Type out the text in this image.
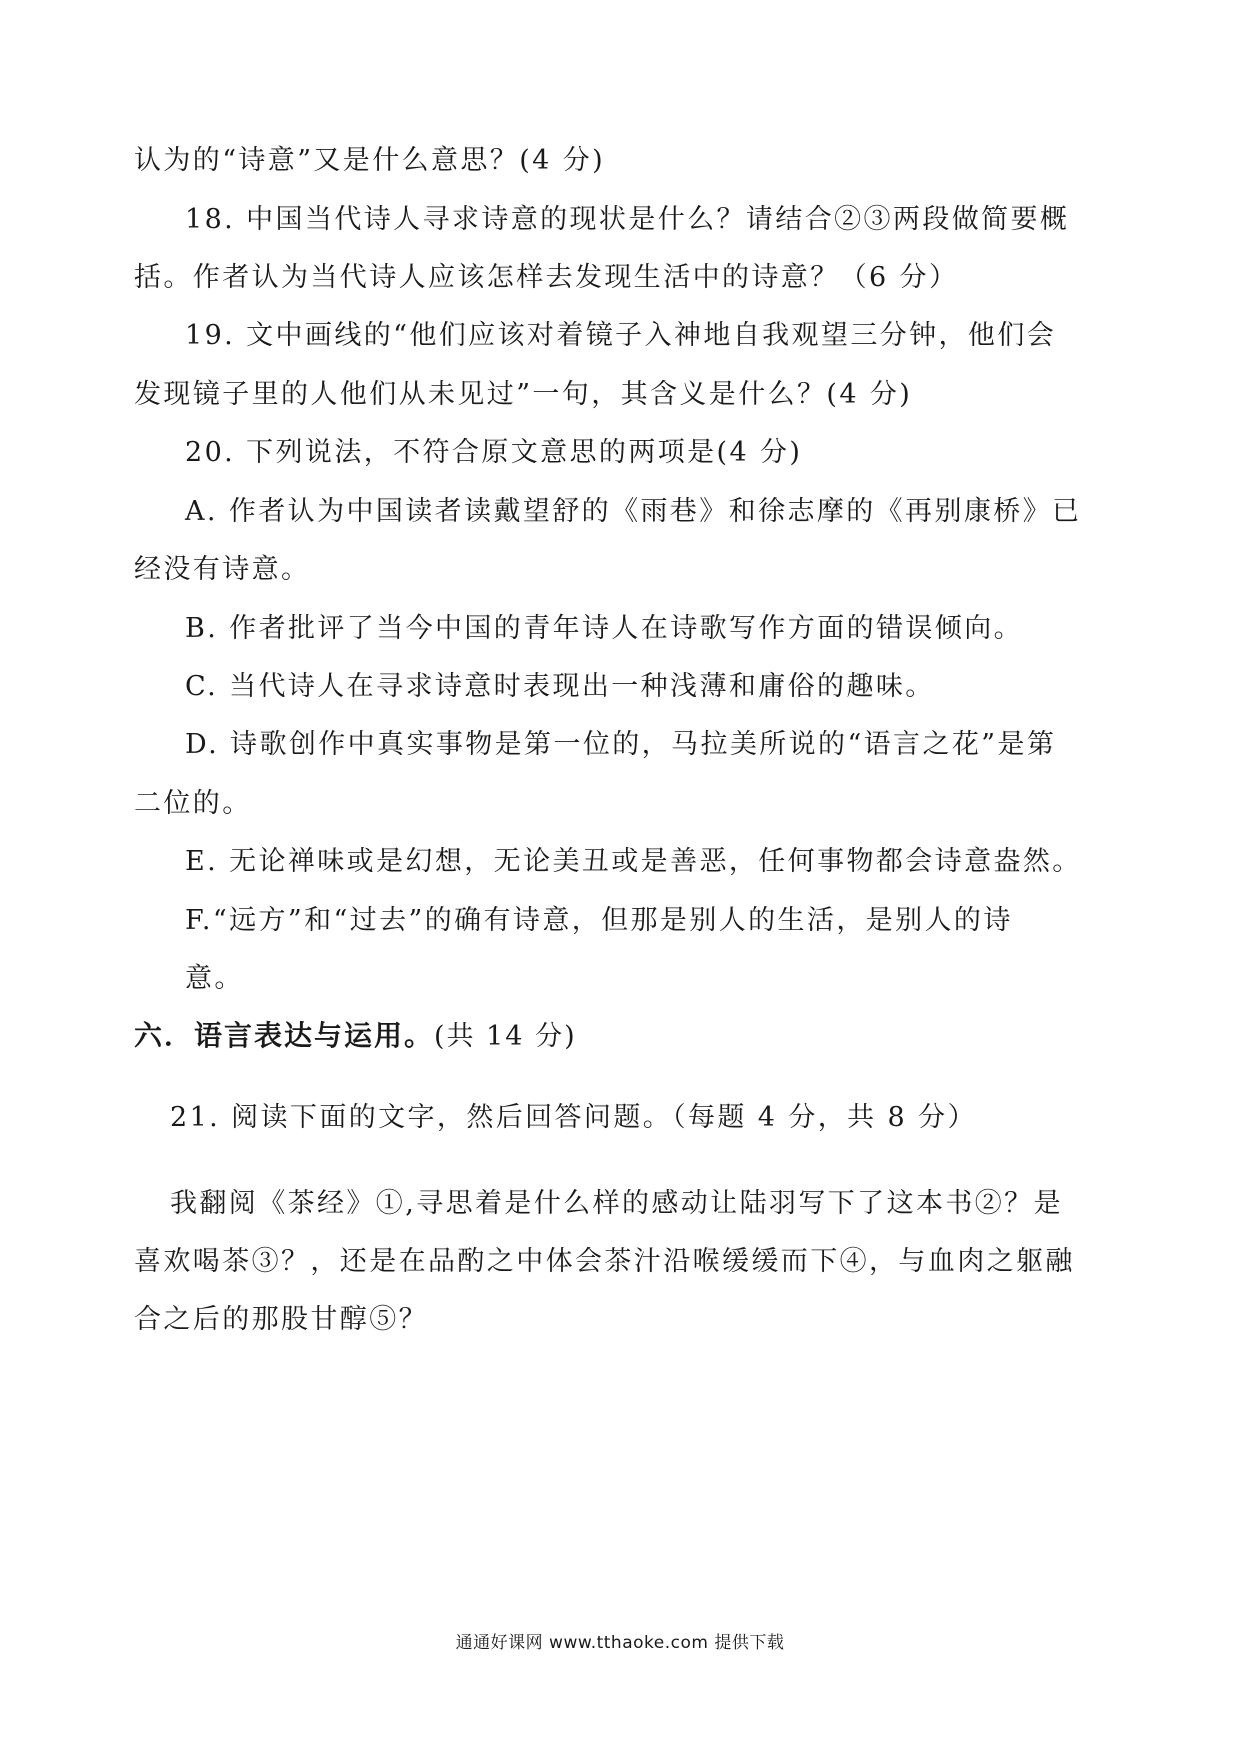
认为的“诗意”又是什么意思？(4 分)
18. 中国当代诗人寻求诗意的现状是什么？请结合②③两段做简要概
括。作者认为当代诗人应该怎样去发现生活中的诗意？（6 分）
19. 文中画线的“他们应该对着镜子入神地自我观望三分钟，他们会
发现镜子里的人他们从未见过”一句，其含义是什么？(4 分)
20. 下列说法，不符合原文意思的两项是(4 分)
A. 作者认为中国读者读戴望舒的《雨巷》和徐志摩的《再别康桥》已
经没有诗意。
B. 作者批评了当今中国的青年诗人在诗歌写作方面的错误倾向。
C. 当代诗人在寻求诗意时表现出一种浅薄和庸俗的趣味。
D. 诗歌创作中真实事物是第一位的，马拉美所说的“语言之花”是第
二位的。
E. 无论禅味或是幻想，无论美丑或是善恶，任何事物都会诗意盎然。
F.“远方”和“过去”的确有诗意，但那是别人的生活，是别人的诗
意。
六．语言表达与运用。(共 14 分)
21. 阅读下面的文字，然后回答问题。（每题 4 分，共 8 分）
我翻阅《茶经》①,寻思着是什么样的感动让陆羽写下了这本书②？是
喜欢喝茶③？，还是在品酌之中体会茶汁沿喉缓缓而下④，与血肉之躯融
合之后的那股甘醇⑤？
通通好课网 www.tthaoke.com 提供下载
